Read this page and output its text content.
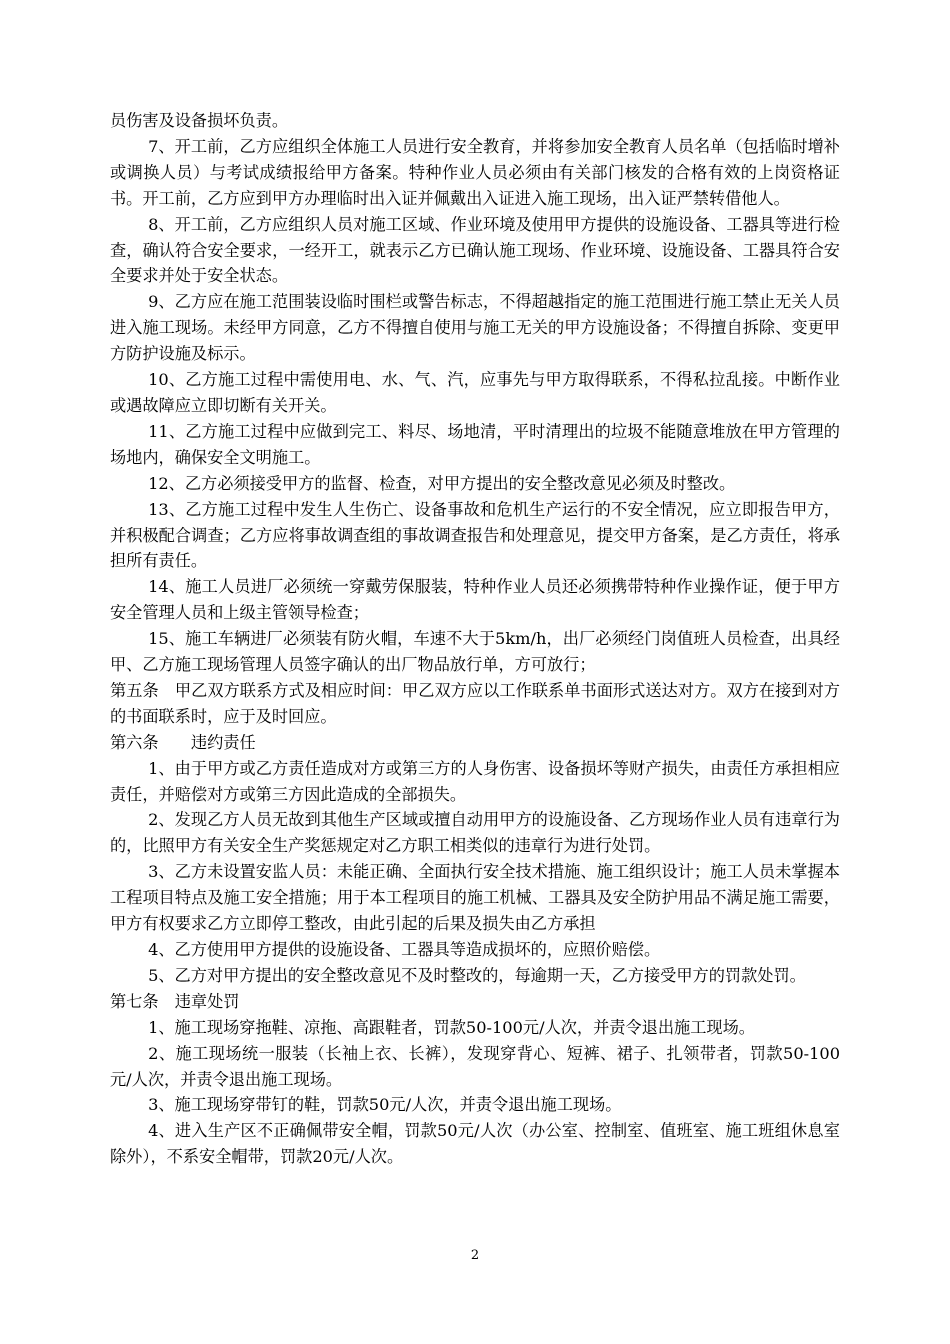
员伤害及设备损坏负责。

7、开工前，乙方应组织全体施工人员进行安全教育，并将参加安全教育人员名单（包括临时增补或调换人员）与考试成绩报给甲方备案。特种作业人员必须由有关部门核发的合格有效的上岗资格证书。开工前，乙方应到甲方办理临时出入证并佩戴出入证进入施工现场，出入证严禁转借他人。

8、开工前，乙方应组织人员对施工区域、作业环境及使用甲方提供的设施设备、工器具等进行检查，确认符合安全要求，一经开工，就表示乙方已确认施工现场、作业环境、设施设备、工器具符合安全要求并处于安全状态。

9、乙方应在施工范围装设临时围栏或警告标志，不得超越指定的施工范围进行施工禁止无关人员进入施工现场。未经甲方同意，乙方不得擅自使用与施工无关的甲方设施设备；不得擅自拆除、变更甲方防护设施及标示。

10、乙方施工过程中需使用电、水、气、汽，应事先与甲方取得联系，不得私拉乱接。中断作业或遇故障应立即切断有关开关。

11、乙方施工过程中应做到完工、料尽、场地清，平时清理出的垃圾不能随意堆放在甲方管理的场地内，确保安全文明施工。

12、乙方必须接受甲方的监督、检查，对甲方提出的安全整改意见必须及时整改。

13、乙方施工过程中发生人生伤亡、设备事故和危机生产运行的不安全情况，应立即报告甲方，并积极配合调查；乙方应将事故调查组的事故调查报告和处理意见，提交甲方备案，是乙方责任，将承担所有责任。

14、施工人员进厂必须统一穿戴劳保服装，特种作业人员还必须携带特种作业操作证，便于甲方安全管理人员和上级主管领导检查；

15、施工车辆进厂必须装有防火帽，车速不大于5km/h，出厂必须经门岗值班人员检查，出具经甲、乙方施工现场管理人员签字确认的出厂物品放行单，方可放行；

第五条　甲乙双方联系方式及相应时间：甲乙双方应以工作联系单书面形式送达对方。双方在接到对方的书面联系时，应于及时回应。

第六条　　违约责任

1、由于甲方或乙方责任造成对方或第三方的人身伤害、设备损坏等财产损失，由责任方承担相应责任，并赔偿对方或第三方因此造成的全部损失。

2、发现乙方人员无故到其他生产区域或擅自动用甲方的设施设备、乙方现场作业人员有违章行为的，比照甲方有关安全生产奖惩规定对乙方职工相类似的违章行为进行处罚。

3、乙方未设置安监人员：未能正确、全面执行安全技术措施、施工组织设计；施工人员未掌握本工程项目特点及施工安全措施；用于本工程项目的施工机械、工器具及安全防护用品不满足施工需要，甲方有权要求乙方立即停工整改，由此引起的后果及损失由乙方承担

4、乙方使用甲方提供的设施设备、工器具等造成损坏的，应照价赔偿。

5、乙方对甲方提出的安全整改意见不及时整改的，每逾期一天，乙方接受甲方的罚款处罚。

第七条　违章处罚

1、施工现场穿拖鞋、凉拖、高跟鞋者，罚款50-100元/人次，并责令退出施工现场。

2、施工现场统一服装（长袖上衣、长裤），发现穿背心、短裤、裙子、扎领带者，罚款50-100元/人次，并责令退出施工现场。

3、施工现场穿带钉的鞋，罚款50元/人次，并责令退出施工现场。

4、进入生产区不正确佩带安全帽，罚款50元/人次（办公室、控制室、值班室、施工班组休息室除外），不系安全帽带，罚款20元/人次。

2
